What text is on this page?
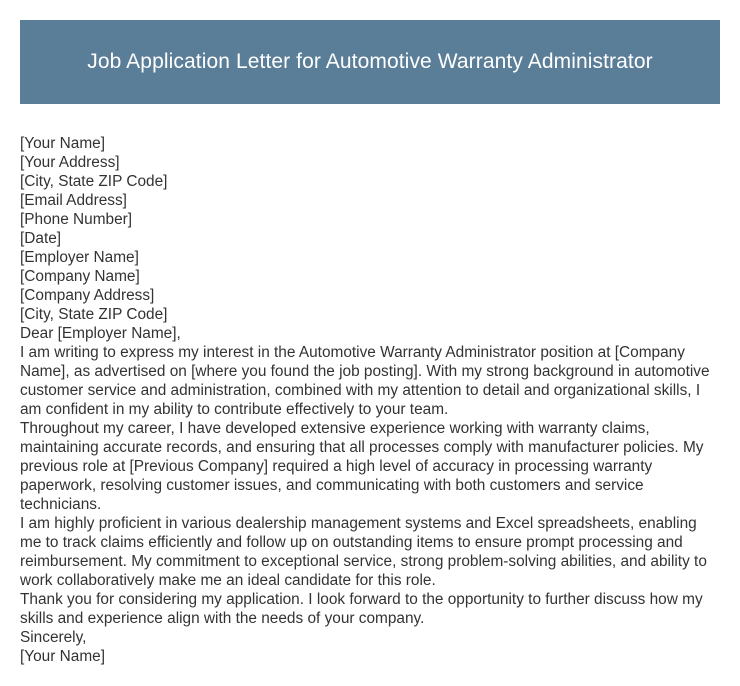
Job Application Letter for Automotive Warranty Administrator
[Your Name]
[Your Address]
[City, State ZIP Code]
[Email Address]
[Phone Number]
[Date]
[Employer Name]
[Company Name]
[Company Address]
[City, State ZIP Code]
Dear [Employer Name],
I am writing to express my interest in the Automotive Warranty Administrator position at [Company Name], as advertised on [where you found the job posting]. With my strong background in automotive customer service and administration, combined with my attention to detail and organizational skills, I am confident in my ability to contribute effectively to your team.
Throughout my career, I have developed extensive experience working with warranty claims, maintaining accurate records, and ensuring that all processes comply with manufacturer policies. My previous role at [Previous Company] required a high level of accuracy in processing warranty paperwork, resolving customer issues, and communicating with both customers and service technicians.
I am highly proficient in various dealership management systems and Excel spreadsheets, enabling me to track claims efficiently and follow up on outstanding items to ensure prompt processing and reimbursement. My commitment to exceptional service, strong problem-solving abilities, and ability to work collaboratively make me an ideal candidate for this role.
Thank you for considering my application. I look forward to the opportunity to further discuss how my skills and experience align with the needs of your company.
Sincerely,
[Your Name]
